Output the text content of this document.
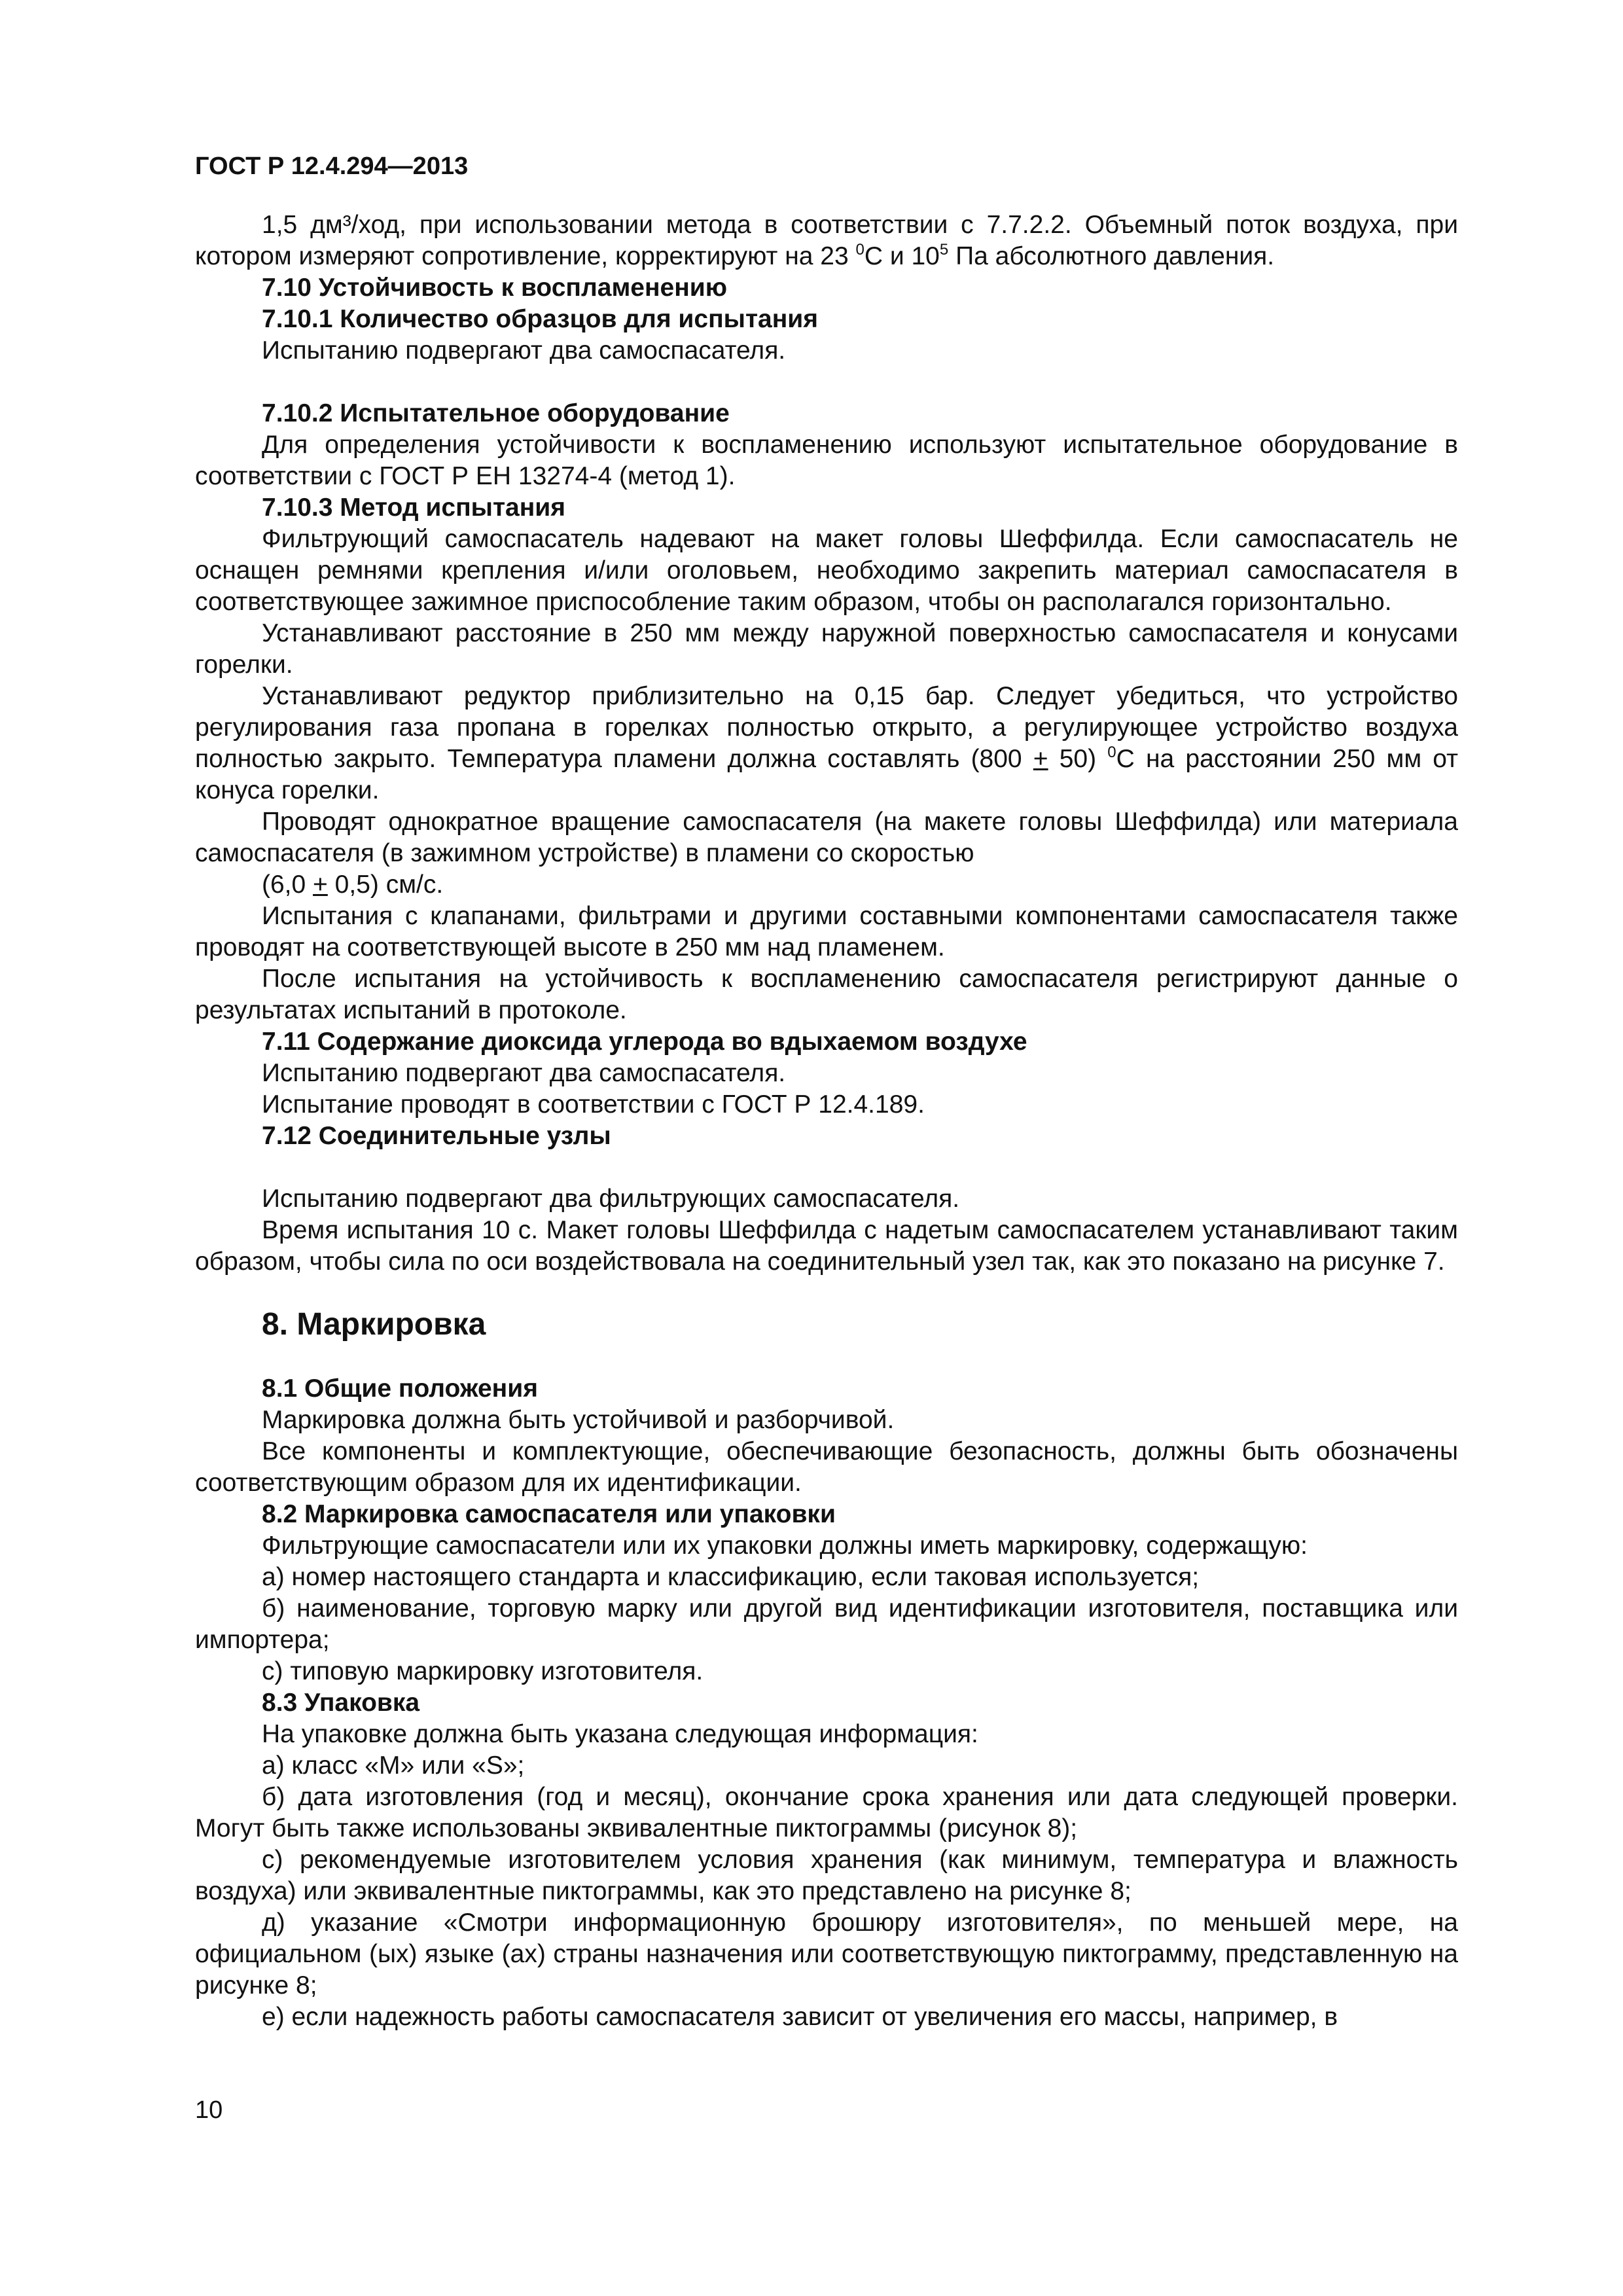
ГОСТ Р 12.4.294—2013

1,5 дм³/ход, при использовании метода в соответствии с 7.7.2.2. Объемный поток воздуха, при котором измеряют сопротивление, корректируют на 23 $^0$С и $10^5$ Па абсолютного давления.

7.10 Устойчивость к воспламенению

7.10.1 Количество образцов для испытания

Испытанию подвергают два самоспасателя.

7.10.2 Испытательное оборудование

Для определения устойчивости к воспламенению используют испытательное оборудование в соответствии с ГОСТ Р ЕН 13274-4 (метод 1).

7.10.3 Метод испытания

Фильтрующий самоспасатель надевают на макет головы Шеффилда. Если самоспасатель не оснащен ремнями крепления и/или оголовьем, необходимо закрепить материал самоспасателя в соответствующее зажимное приспособление таким образом, чтобы он располагался горизонтально.

Устанавливают расстояние в 250 мм между наружной поверхностью самоспасателя и конусами горелки.

Устанавливают редуктор приблизительно на 0,15 бар. Следует убедиться, что устройство регулирования газа пропана в горелках полностью открыто, а регулирующее устройство воздуха полностью закрыто. Температура пламени должна составлять (800 + 50) $^0$С на расстоянии 250 мм от конуса горелки.

Проводят однократное вращение самоспасателя (на макете головы Шеффилда) или материала самоспасателя (в зажимном устройстве) в пламени со скоростью

(6,0 + 0,5) см/с.

Испытания с клапанами, фильтрами и другими составными компонентами самоспасателя также проводят на соответствующей высоте в 250 мм над пламенем.

После испытания на устойчивость к воспламенению самоспасателя регистрируют данные о результатах испытаний в протоколе.

7.11 Содержание диоксида углерода во вдыхаемом воздухе

Испытанию подвергают два самоспасателя.

Испытание проводят в соответствии с ГОСТ Р 12.4.189.

7.12 Соединительные узлы

Испытанию подвергают два фильтрующих самоспасателя.

Время испытания 10 с. Макет головы Шеффилда с надетым самоспасателем устанавливают таким образом, чтобы сила по оси воздействовала на соединительный узел так, как это показано на рисунке 7.

8. Маркировка

8.1 Общие положения

Маркировка должна быть устойчивой и разборчивой.

Все компоненты и комплектующие, обеспечивающие безопасность, должны быть обозначены соответствующим образом для их идентификации.

8.2 Маркировка самоспасателя или упаковки

Фильтрующие самоспасатели или их упаковки должны иметь маркировку, содержащую:

а) номер настоящего стандарта и классификацию, если таковая используется;

б) наименование, торговую марку или другой вид идентификации изготовителя, поставщика или импортера;

с) типовую маркировку изготовителя.

8.3 Упаковка

На упаковке должна быть указана следующая информация:

а) класс «М» или «S»;

б) дата изготовления (год и месяц), окончание срока хранения или дата следующей проверки. Могут быть также использованы эквивалентные пиктограммы (рисунок 8);

с) рекомендуемые изготовителем условия хранения (как минимум, температура и влажность воздуха) или эквивалентные пиктограммы, как это представлено на рисунке 8;

д) указание «Смотри информационную брошюру изготовителя», по меньшей мере, на официальном (ых) языке (ах) страны назначения или соответствующую пиктограмму, представленную на рисунке 8;

е) если надежность работы самоспасателя зависит от увеличения его массы, например, в

10
